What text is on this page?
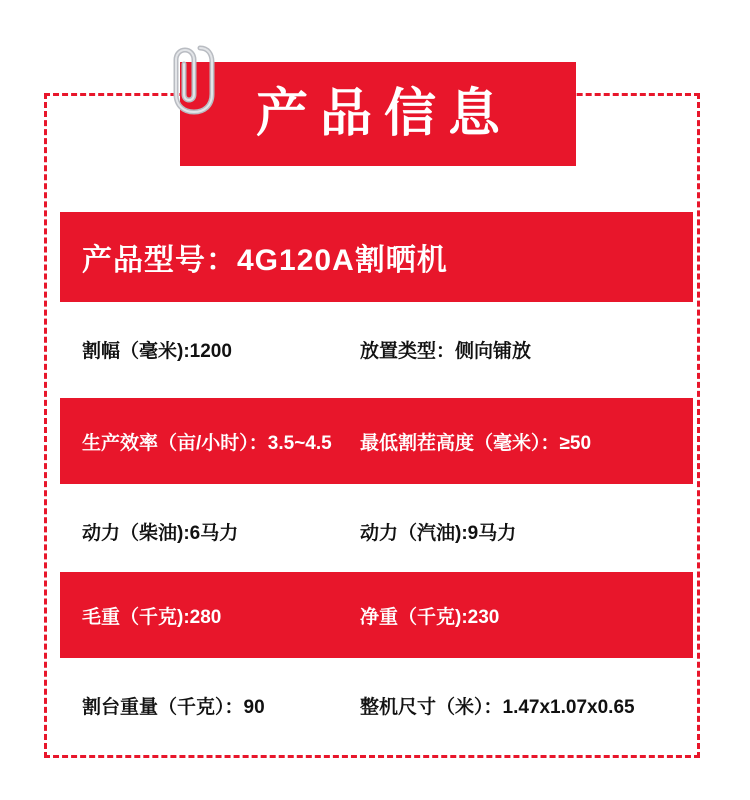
产品信息
产品型号：4G120A割晒机
割幅（毫米):1200	放置类型：侧向铺放
生产效率（亩/小时）：3.5~4.5	最低割茬高度（毫米）：≥50
动力（柴油):6马力	动力（汽油):9马力
毛重（千克):280	净重（千克):230
割台重量（千克）：90	整机尺寸（米）：1.47x1.07x0.65
